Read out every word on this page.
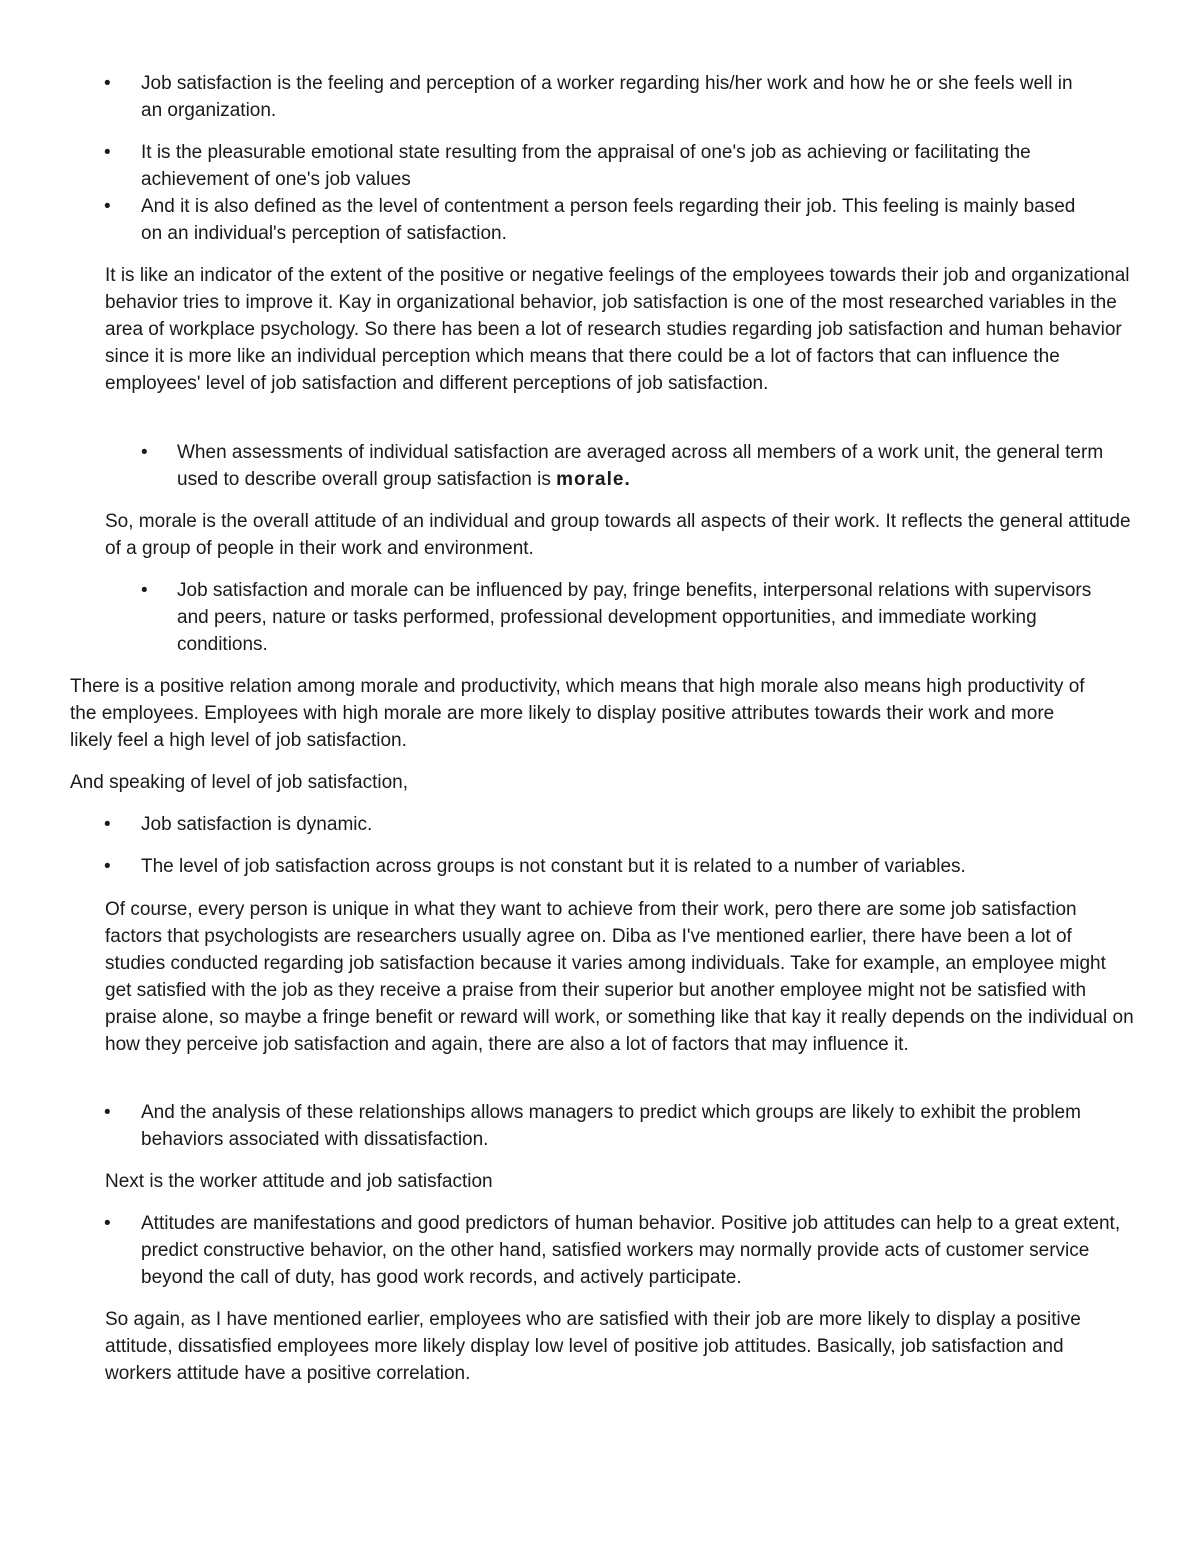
•	Job satisfaction is the feeling and perception of a worker regarding his/her work and how he or she feels well in an organization.
•	It is the pleasurable emotional state resulting from the appraisal of one's job as achieving or facilitating the achievement of one's job values
•	And it is also defined as the level of contentment a person feels regarding their job. This feeling is mainly based on an individual's perception of satisfaction.

It is like an indicator of the extent of the positive or negative feelings of the employees towards their job and organizational behavior tries to improve it. Kay in organizational behavior, job satisfaction is one of the most researched variables in the area of workplace psychology. So there has been a lot of research studies regarding job satisfaction and human behavior since it is more like an individual perception which means that there could be a lot of factors that can influence the employees' level of job satisfaction and different perceptions of job satisfaction.

•	When assessments of individual satisfaction are averaged across all members of a work unit, the general term used to describe overall group satisfaction is morale.

So, morale is the overall attitude of an individual and group towards all aspects of their work. It reflects the general attitude of a group of people in their work and environment.

•	Job satisfaction and morale can be influenced by pay, fringe benefits, interpersonal relations with supervisors and peers, nature or tasks performed, professional development opportunities, and immediate working conditions.

There is a positive relation among morale and productivity, which means that high morale also means high productivity of the employees. Employees with high morale are more likely to display positive attributes towards their work and more likely feel a high level of job satisfaction.

And speaking of level of job satisfaction,

•	Job satisfaction is dynamic.
•	The level of job satisfaction across groups is not constant but it is related to a number of variables.

Of course, every person is unique in what they want to achieve from their work, pero there are some job satisfaction factors that psychologists are researchers usually agree on. Diba as I've mentioned earlier, there have been a lot of studies conducted regarding job satisfaction because it varies among individuals. Take for example, an employee might get satisfied with the job as they receive a praise from their superior but another employee might not be satisfied with praise alone, so maybe a fringe benefit or reward will work, or something like that kay it really depends on the individual on how they perceive job satisfaction and again, there are also a lot of factors that may influence it.

•	And the analysis of these relationships allows managers to predict which groups are likely to exhibit the problem behaviors associated with dissatisfaction.

Next is the worker attitude and job satisfaction

•	Attitudes are manifestations and good predictors of human behavior. Positive job attitudes can help to a great extent, predict constructive behavior, on the other hand, satisfied workers may normally provide acts of customer service beyond the call of duty, has good work records, and actively participate.

So again, as I have mentioned earlier, employees who are satisfied with their job are more likely to display a positive attitude, dissatisfied employees more likely display low level of positive job attitudes. Basically, job satisfaction and workers attitude have a positive correlation.
